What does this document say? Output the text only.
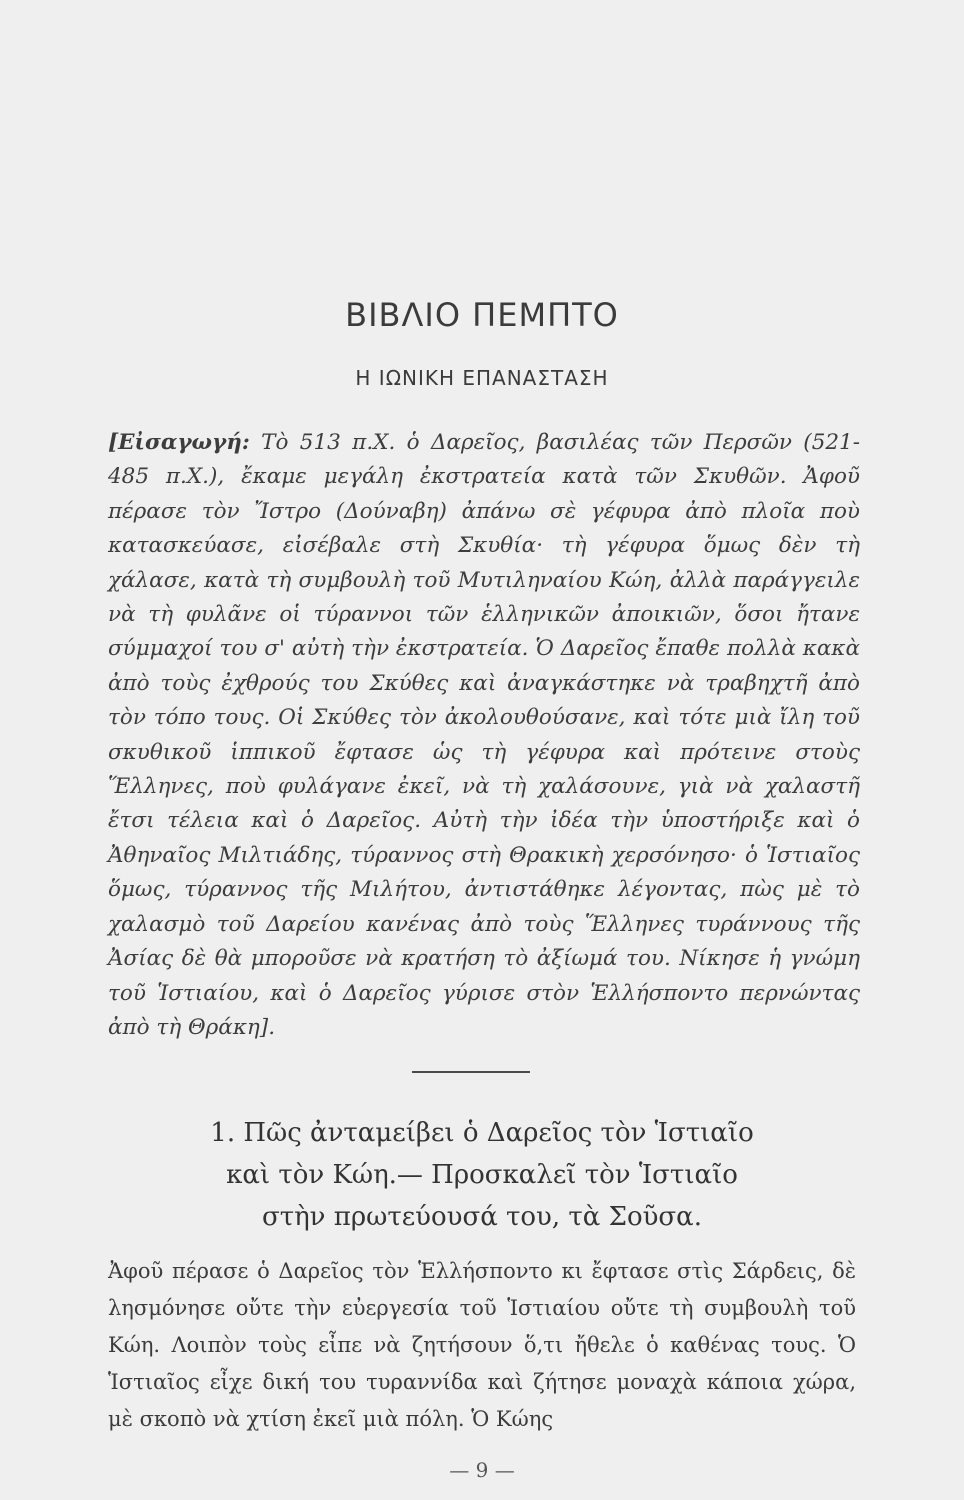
ΒΙΒΛΙΟ ΠΕΜΠΤΟ
Η ΙΩΝΙΚΗ ΕΠΑΝΑΣΤΑΣΗ

[Εἰσαγωγή: Τὸ 513 π.Χ. ὁ Δαρεῖος, βασιλέας τῶν Περσῶν (521-485 π.Χ.), ἔκαμε μεγάλη ἐκστρατεία κατὰ τῶν Σκυθῶν. Ἀφοῦ πέρασε τὸν Ἴστρο (Δούναβη) ἀπάνω σὲ γέφυρα ἀπὸ πλοῖα ποὺ κατασκεύασε, εἰσέβαλε στὴ Σκυθία· τὴ γέφυρα ὅμως δὲν τὴ χάλασε, κατὰ τὴ συμβουλὴ τοῦ Μυτιληναίου Κώη, ἀλλὰ παράγγειλε νὰ τὴ φυλᾶνε οἱ τύραννοι τῶν ἑλληνικῶν ἀποικιῶν, ὅσοι ἤτανε σύμμαχοί του σ' αὐτὴ τὴν ἐκστρατεία. Ὁ Δαρεῖος ἔπαθε πολλὰ κακὰ ἀπὸ τοὺς ἐχθρούς του Σκύθες καὶ ἀναγκάστηκε νὰ τραβηχτῆ ἀπὸ τὸν τόπο τους. Οἱ Σκύθες τὸν ἀκολουθούσανε, καὶ τότε μιὰ ἴλη τοῦ σκυθικοῦ ἱππικοῦ ἔφτασε ὡς τὴ γέφυρα καὶ πρότεινε στοὺς Ἕλληνες, ποὺ φυλάγανε ἐκεῖ, νὰ τὴ χαλάσουνε, γιὰ νὰ χαλαστῆ ἔτσι τέλεια καὶ ὁ Δαρεῖος. Αὐτὴ τὴν ἰδέα τὴν ὑποστήριξε καὶ ὁ Ἀθηναῖος Μιλτιάδης, τύραννος στὴ Θρακικὴ χερσόνησο· ὁ Ἱστιαῖος ὅμως, τύραννος τῆς Μιλήτου, ἀντιστάθηκε λέγοντας, πὼς μὲ τὸ χαλασμὸ τοῦ Δαρείου κανένας ἀπὸ τοὺς Ἕλληνες τυράννους τῆς Ἀσίας δὲ θὰ μποροῦσε νὰ κρατήση τὸ ἀξίωμά του. Νίκησε ἡ γνώμη τοῦ Ἱστιαίου, καὶ ὁ Δαρεῖος γύρισε στὸν Ἑλλήσποντο περνώντας ἀπὸ τὴ Θράκη].

1. Πῶς ἀνταμείβει ὁ Δαρεῖος τὸν Ἱστιαῖο
καὶ τὸν Κώη.— Προσκαλεῖ τὸν Ἱστιαῖο
στὴν πρωτεύουσά του, τὰ Σοῦσα.

Ἀφοῦ πέρασε ὁ Δαρεῖος τὸν Ἑλλήσποντο κι ἔφτασε στὶς Σάρδεις, δὲ λησμόνησε οὔτε τὴν εὐεργεσία τοῦ Ἱστιαίου οὔτε τὴ συμβουλὴ τοῦ Κώη. Λοιπὸν τοὺς εἶπε νὰ ζητήσουν ὅ,τι ἤθελε ὁ καθένας τους. Ὁ Ἱστιαῖος εἶχε δική του τυραννίδα καὶ ζήτησε μοναχὰ κάποια χώρα, μὲ σκοπὸ νὰ χτίση ἐκεῖ μιὰ πόλη. Ὁ Κώης

— 9 —
